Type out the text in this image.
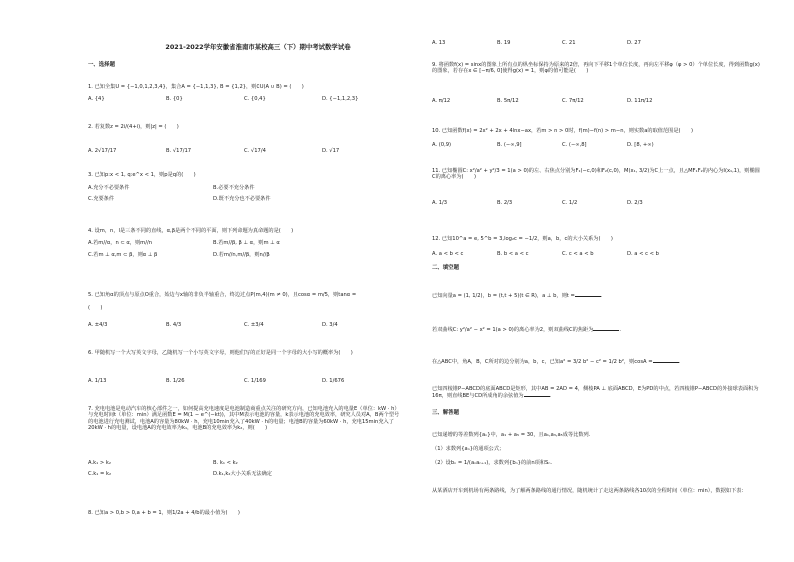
2021-2022学年安徽省淮南市某校高三（下）期中考试数学试卷
一、选择题
1. 已知全集U = {−1,0,1,2,3,4}，集合A = {−1,1,3}, B = {1,2}，则∁U(A ∪ B) = (　　)
A. {4}	B. {0}	C. {0,4}	D. {−1,1,2,3}
2. 若复数z = 2i/(4+i)，则|z| = (　　)
A. 2√17/17	B. √17/17	C. √17/4	D. √17
3. 已知p:x < 1, q:e^x < 1，则p是q的(　　)
A.充分不必要条件	B.必要不充分条件
C.充要条件	D.既不充分也不必要条件
4. 设m，n，l是三条不同的直线，α,β是两个不同的平面，则下列命题为真命题的是(　　)
A.若m//α，n ⊂ α，则m//n	B.若m//β, β ⊥ α，则m ⊥ α
C.若m ⊥ α,m ⊂ β，则α ⊥ β	D.若m//n,m//β，则n//β
5. 已知角α的顶点与原点O重合，始边与x轴的非负半轴重合，终边过点P(m,4)(m ≠ 0)，且cosα = m/5，则tanα =
(　　)
A. ±4/3	B. 4/3	C. ±3/4	D. 3/4
6. 甲随机写一个大写英文字母，乙随机写一个小写英文字母，则他们写的正好是同一个字母的大小写的概率为(　　)
A. 1/13	B. 1/26	C. 1/169	D. 1/676
7. 充电电池是电动汽车的核心部件之一，如何提高充电速度是电池制造商重点关注的研究方向，已知电池充入的电量E（单位：kW · h）与充电时间t（单位：min）满足函数E = M(1 − e^(−kt))，其中M表示电池的容量，k表示电池的充电效率，研究人员对A，B两个型号的电池进行充电测试，电池A的容量为80kW · h，充电10min充入了40kW · h的电量；电池B的容量为60kW · h，充电15min充入了20kW · h的电量，设电池A的充电效率为k₁，电池B的充电效率为k₂，则(　　)
A.k₁ > k₂	B. k₁ < k₂
C.k₁ = k₂	D.k₁,k₂大小关系无法确定
8. 已知a > 0,b > 0,a + b = 1，则1/2a + 4/b的最小值为(　　)
A. 13	B. 19	C. 21	D. 27
9. 将函数f(x) = sinx的图象上所有点的纵坐标保持为原来的2倍，再向下平移1个单位长度，再向左平移φ（φ > 0）个单位长度，得到函数g(x)的图象，若存在x ∈ [−π/6, 0]使得g(x) = 1，则φ的值可能是(　　)
A. π/12	B. 5π/12	C. 7π/12	D. 11π/12
10. 已知函数f(x) = 2x² + 2x + 4lnx−ax，若m > n > 0时，f(m)−f(n) > m−n，则实数a的取值范围是(　　)
A. (0,9)	B. (−∞,9]	C. (−∞,8]	D. [8, +∞)
11. 已知椭圆C: x²/a² + y²/3 = 1(a > 0)的左、右焦点分别为F₁(−c,0)和F₂(c,0)，M(x₁, 3/2)为C上一点，且△MF₁F₂的内心为I(x₁,1)，则椭圆C的离心率为(　　)
A. 1/3	B. 2/3	C. 1/2	D. 2/3
12. 已知10^a = e, 5^b = 3,log₂c = −1/2，则a，b，c的大小关系为(　　)
A. a < b < c	B. b < a < c	C. c < a < b	D. a < c < b
二、填空题
已知向量a = (1, 1/2)，b = (t,t + 5)(t ∈ R)，a ⊥ b，则t =	.
若双曲线C: y²/a² − x² = 1(a > 0)的离心率为2，则双曲线C的焦距为	.
在△ABC中，角A，B，C所对的边分别为a，b，c，已知a² = 3/2 b² − c² = 1/2 b²，则cosA =	.
已知四棱锥P−ABCD的底面ABCD是矩形，其中AB = 2AD = 4，侧棱PA ⊥ 底面ABCD，E为PD的中点，若四棱锥P−ABCD的外接球表面积为16π，则直线BE与CD所成角的余弦值为	.
三、解答题
已知递增的等差数列{aₙ}中，a₁ + a₅ = 30，且a₁,a₃,a₅成等比数列.
（1）求数列{aₙ}的通项公式；
（2）设bₙ = 1/(aₙaₙ₊₁)，求数列{bₙ}的前n项和Sₙ.
从某酒店开车到机场有两条路线，为了解两条路线的通行情况，随机统计了走这两条路线各10次的全程时间（单位：min），数据如下表：
